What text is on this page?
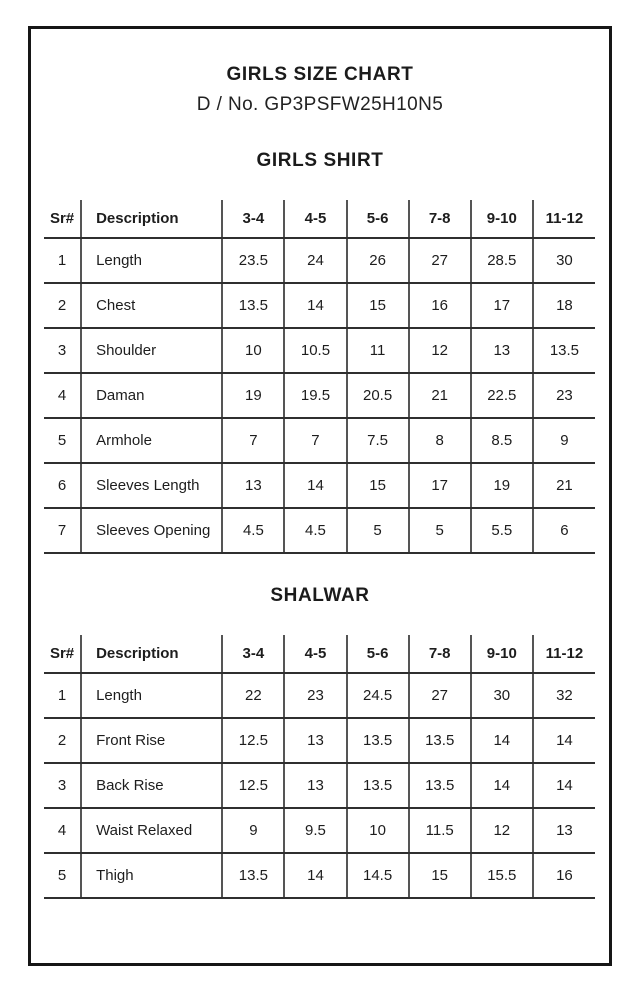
GIRLS SIZE CHART
D / No. GP3PSFW25H10N5
GIRLS SHIRT
Sr#	Description	3-4	4-5	5-6	7-8	9-10	11-12
1	Length	23.5	24	26	27	28.5	30
2	Chest	13.5	14	15	16	17	18
3	Shoulder	10	10.5	11	12	13	13.5
4	Daman	19	19.5	20.5	21	22.5	23
5	Armhole	7	7	7.5	8	8.5	9
6	Sleeves Length	13	14	15	17	19	21
7	Sleeves Opening	4.5	4.5	5	5	5.5	6
SHALWAR
Sr#	Description	3-4	4-5	5-6	7-8	9-10	11-12
1	Length	22	23	24.5	27	30	32
2	Front Rise	12.5	13	13.5	13.5	14	14
3	Back Rise	12.5	13	13.5	13.5	14	14
4	Waist Relaxed	9	9.5	10	11.5	12	13
5	Thigh	13.5	14	14.5	15	15.5	16
